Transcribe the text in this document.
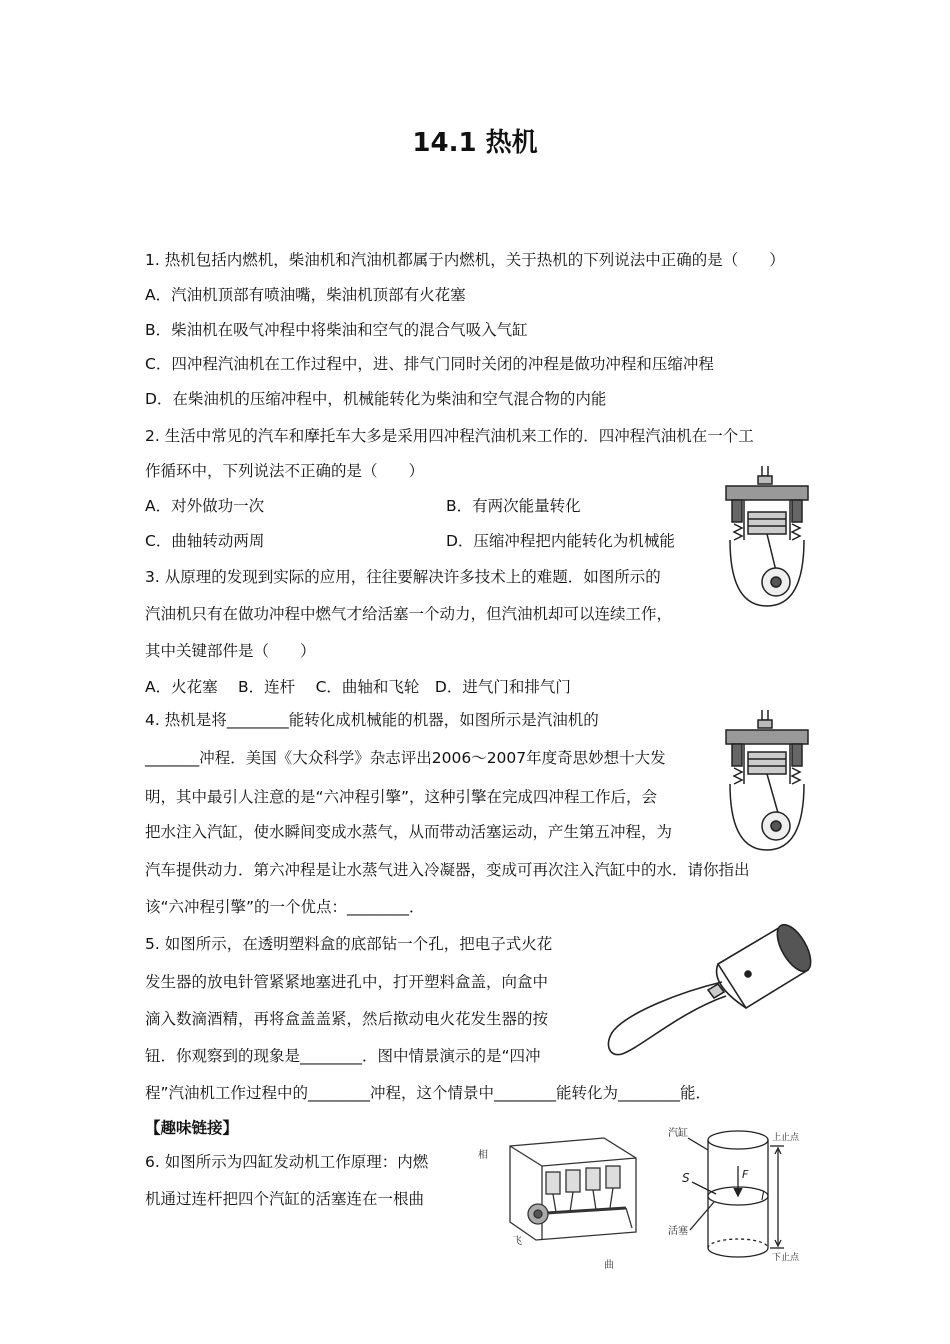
14.1 热机
1. 热机包括内燃机，柴油机和汽油机都属于内燃机，关于热机的下列说法中正确的是（　　）
A．汽油机顶部有喷油嘴，柴油机顶部有火花塞
B．柴油机在吸气冲程中将柴油和空气的混合气吸入气缸
C．四冲程汽油机在工作过程中，进、排气门同时关闭的冲程是做功冲程和压缩冲程
D．在柴油机的压缩冲程中，机械能转化为柴油和空气混合物的内能
2. 生活中常见的汽车和摩托车大多是采用四冲程汽油机来工作的．四冲程汽油机在一个工
作循环中，下列说法不正确的是（　　）
A．对外做功一次	B．有两次能量转化
C．曲轴转动两周	D．压缩冲程把内能转化为机械能
3. 从原理的发现到实际的应用，往往要解决许多技术上的难题．如图所示的
汽油机只有在做功冲程中燃气才给活塞一个动力，但汽油机却可以连续工作，
其中关键部件是（　　）
A．火花塞　 B．连杆　 C．曲轴和飞轮　D．进气门和排气门
4. 热机是将________能转化成机械能的机器，如图所示是汽油机的
_______冲程．美国《大众科学》杂志评出2006～2007年度奇思妙想十大发
明，其中最引人注意的是“六冲程引擎”，这种引擎在完成四冲程工作后，会
把水注入汽缸，使水瞬间变成水蒸气，从而带动活塞运动，产生第五冲程，为
汽车提供动力．第六冲程是让水蒸气进入冷凝器，变成可再次注入汽缸中的水．请你指出
该“六冲程引擎”的一个优点：________．
5. 如图所示，在透明塑料盒的底部钻一个孔，把电子式火花
发生器的放电针管紧紧地塞进孔中，打开塑料盒盖，向盒中
滴入数滴酒精，再将盒盖盖紧，然后揿动电火花发生器的按
钮．你观察到的现象是________．图中情景演示的是“四冲
程”汽油机工作过程中的________冲程，这个情景中________能转化为________能．
【趣味链接】
6. 如图所示为四缸发动机工作原理：内燃
机通过连杆把四个汽缸的活塞连在一根曲
相
飞
曲
汽缸
S	F
活塞
l
上止点
下止点
